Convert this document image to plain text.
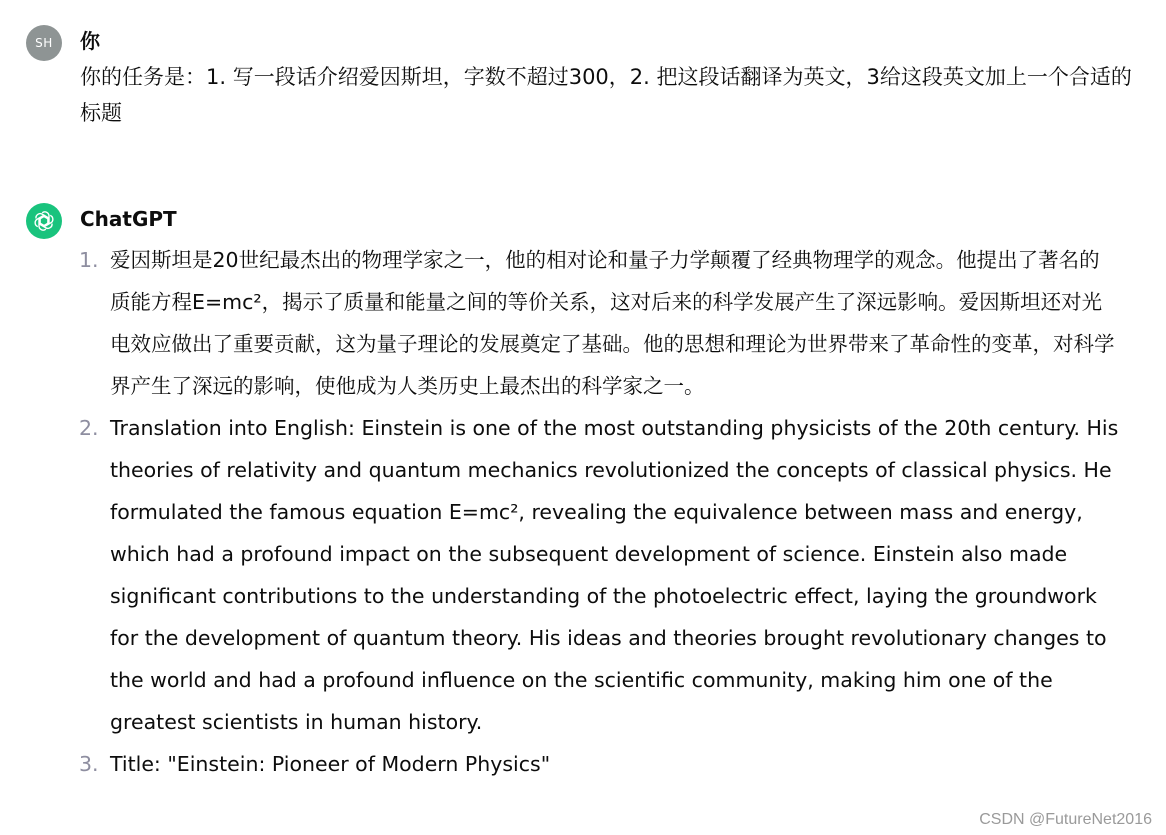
SH 你

你的任务是：1. 写一段话介绍爱因斯坦，字数不超过300，2. 把这段话翻译为英文，3给这段英文加上一个合适的标题

ChatGPT
1. 爱因斯坦是20世纪最杰出的物理学家之一，他的相对论和量子力学颠覆了经典物理学的观念。他提出了著名的质能方程E=mc²，揭示了质量和能量之间的等价关系，这对后来的科学发展产生了深远影响。爱因斯坦还对光电效应做出了重要贡献，这为量子理论的发展奠定了基础。他的思想和理论为世界带来了革命性的变革，对科学界产生了深远的影响，使他成为人类历史上最杰出的科学家之一。
2. Translation into English: Einstein is one of the most outstanding physicists of the 20th century. His theories of relativity and quantum mechanics revolutionized the concepts of classical physics. He formulated the famous equation E=mc², revealing the equivalence between mass and energy, which had a profound impact on the subsequent development of science. Einstein also made significant contributions to the understanding of the photoelectric effect, laying the groundwork for the development of quantum theory. His ideas and theories brought revolutionary changes to the world and had a profound influence on the scientific community, making him one of the greatest scientists in human history.
3. Title: "Einstein: Pioneer of Modern Physics"
CSDN @FutureNet2016
